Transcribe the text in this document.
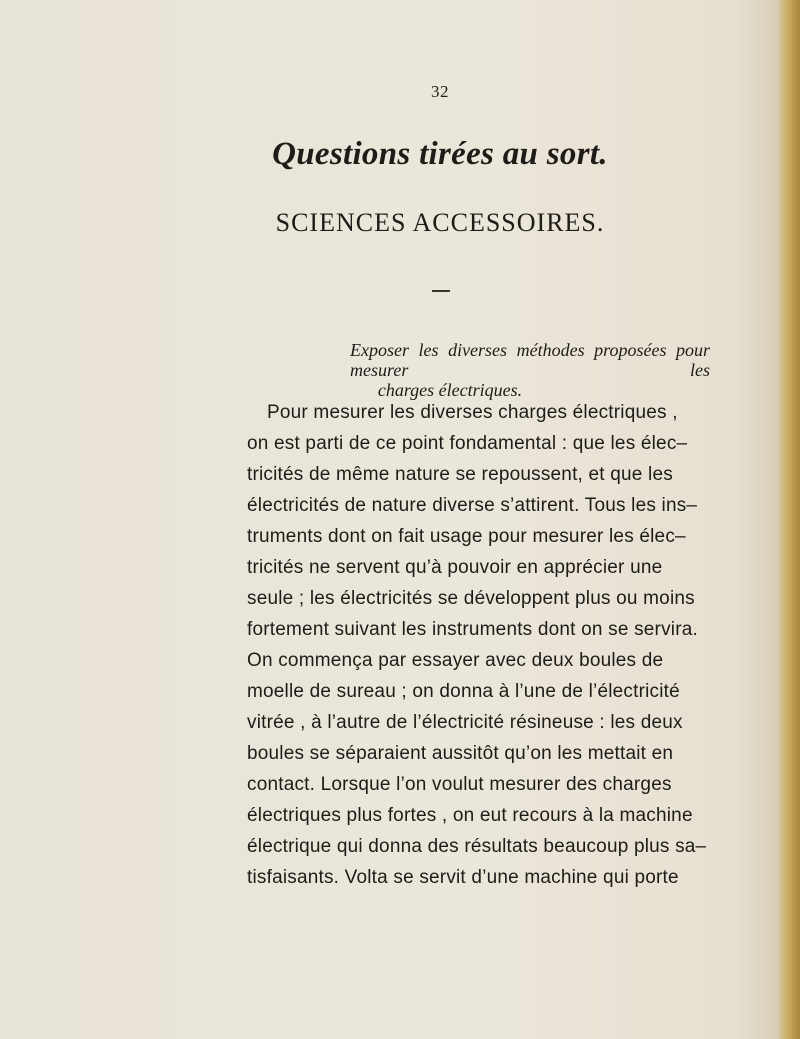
32
Questions tirées au sort.
SCIENCES ACCESSOIRES.
Exposer les diverses méthodes proposées pour mesurer les
charges électriques.
Pour mesurer les diverses charges électriques ,
on est parti de ce point fondamental : que les élec–
tricités de même nature se repoussent, et que les
électricités de nature diverse s’attirent. Tous les ins–
truments dont on fait usage pour mesurer les élec–
tricités ne servent qu’à pouvoir en apprécier une
seule ; les électricités se développent plus ou moins
fortement suivant les instruments dont on se servira.
On commença par essayer avec deux boules de
moelle de sureau ; on donna à l’une de l’électricité
vitrée , à l’autre de l’électricité résineuse : les deux
boules se séparaient aussitôt qu’on les mettait en
contact. Lorsque l’on voulut mesurer des charges
électriques plus fortes , on eut recours à la machine
électrique qui donna des résultats beaucoup plus sa–
tisfaisants. Volta se servit d’une machine qui porte
